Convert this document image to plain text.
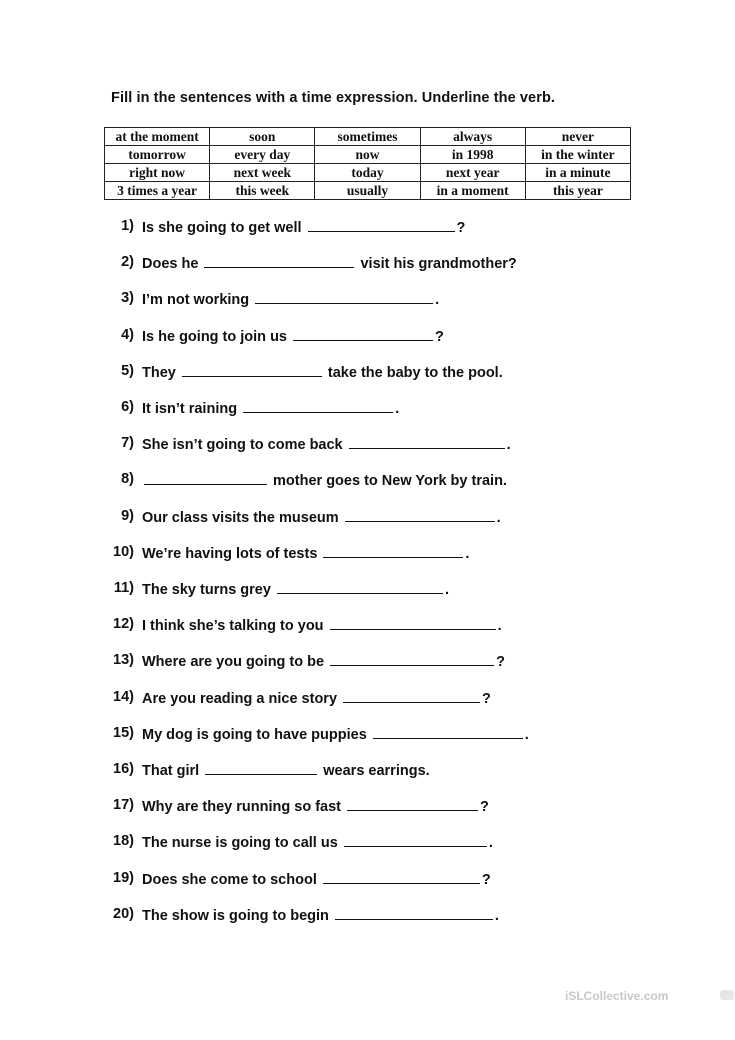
Fill in the sentences with a time expression. Underline the verb.
at the moment	soon	sometimes	always	never
tomorrow	every day	now	in 1998	in the winter
right now	next week	today	next year	in a minute
3 times a year	this week	usually	in a moment	this year
1) Is she going to get well	?
2) Does he	visit his grandmother?
3) I’m not working	.
4) Is he going to join us	?
5) They	take the baby to the pool.
6) It isn’t raining	.
7) She isn’t going to come back	.
8)	mother goes to New York by train.
9) Our class visits the museum	.
10) We’re having lots of tests	.
11) The sky turns grey	.
12) I think she’s talking to you	.
13) Where are you going to be	?
14) Are you reading a nice story	?
15) My dog is going to have puppies	.
16) That girl	wears earrings.
17) Why are they running so fast	?
18) The nurse is going to call us	.
19) Does she come to school	?
20) The show is going to begin	.
iSLCollective.com
